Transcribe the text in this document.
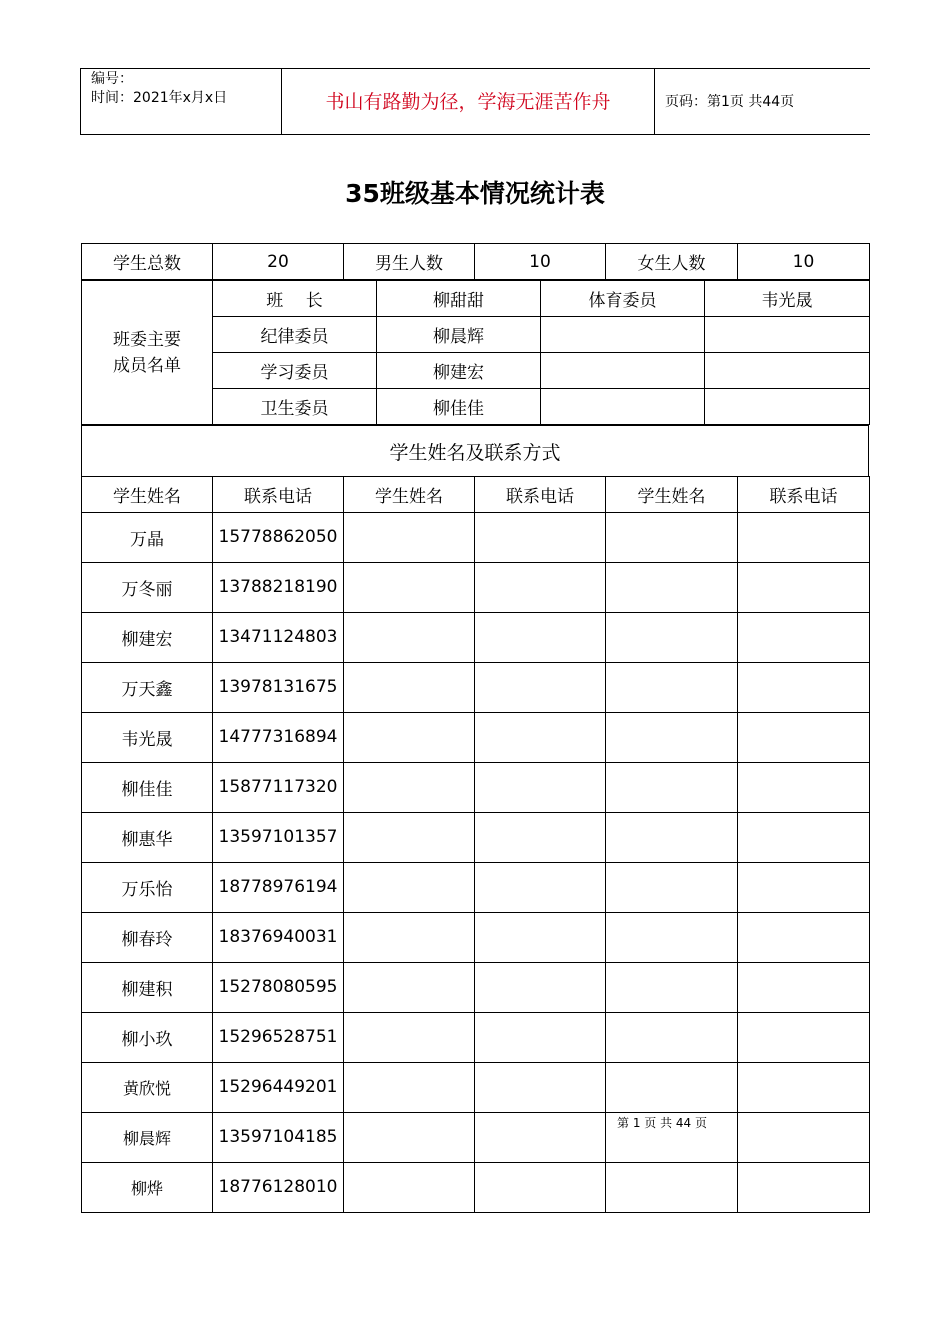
编号：
时间：2021年x月x日	书山有路勤为径，学海无涯苦作舟	页码：第1页 共44页
35班级基本情况统计表
学生总数	20	男生人数	10	女生人数	10
班委主要成员名单	班　 长	柳甜甜	体育委员	韦光晟
	纪律委员	柳晨辉		
	学习委员	柳建宏		
	卫生委员	柳佳佳		
学生姓名及联系方式
学生姓名	联系电话	学生姓名	联系电话	学生姓名	联系电话
万晶	15778862050				
万冬丽	13788218190				
柳建宏	13471124803				
万天鑫	13978131675				
韦光晟	14777316894				
柳佳佳	15877117320				
柳惠华	13597101357				
万乐怡	18778976194				
柳春玲	18376940031				
柳建积	15278080595				
柳小玖	15296528751				
黄欣悦	15296449201				
柳晨辉	13597104185				
柳烨	18776128010				
第 1 页 共 44 页
